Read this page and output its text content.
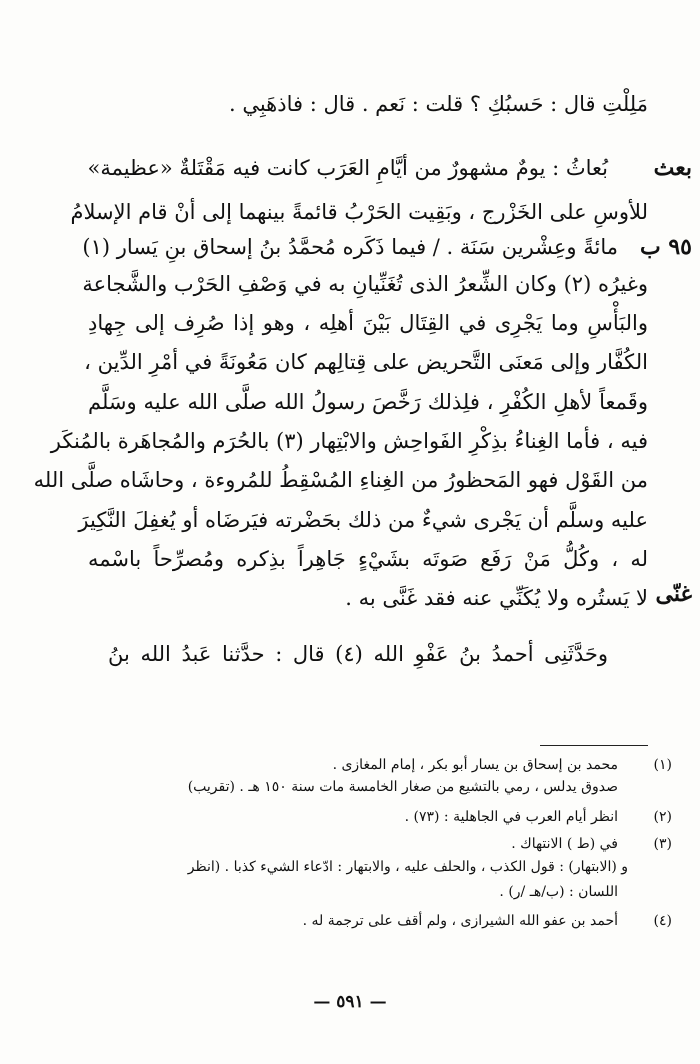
مَلِلْتِ قال : حَسبُكِ ؟ قلت : نَعم . قال : فاذهَبِي .
بُعاثُ : يومٌ مشهورٌ من أيَّامِ العَرَب كانت فيه مَقْتَلةٌ «عظيمة»
للأوسِ على الخَزْرج ، وبَقِيت الحَرْبُ قائمةً بينهما إلى أنْ قام الإسلامُ
مائةً وعِشْرين سَنَة . / فيما ذَكَره مُحمَّدُ بنُ إسحاق بنِ يَسار (١)
وغيرُه (٢) وكان الشِّعرُ الذى تُغَنِّيانِ به في وَصْفِ الحَرْب والشَّجاعة
والبَأْسِ وما يَجْرِى في القِتَال بَيْنَ أهلِه ، وهو إذا صُرِف إلى جِهادِ
الكُفَّار وإلى مَعنَى التَّحريض على قِتالِهم كان مَعُونَةً في أمْرِ الدِّين ،
وقَمعاً لأهلِ الكُفْرِ ، فلِذلك رَخَّصَ رسولُ الله صلَّى الله عليه وسَلَّم
فيه ، فأما الغِناءُ بذِكْرِ الفَواحِش والابْتِهار (٣) بالحُرَم والمُجاهَرة بالمُنكَر
من القَوْل فهو المَحظورُ من الغِناءِ المُسْقِطُ للمُروءة ، وحاشَاه صلَّى الله
عليه وسلَّم أن يَجْرى شيءٌ من ذلك بحَضْرته فيَرضَاه أو يُغفِلَ النَّكِيرَ
له ، وكُلُّ مَنْ رَفَع صَوتَه بشَيْءٍ جَاهِراً بذِكره ومُصرِّحاً باسْمه
لا يَستُره ولا يُكَنِّي عنه فقد غَنَّى به .
وحَدَّثَنِى أحمدُ بنُ عَفْوِ الله (٤) قال : حدَّثنا عَبدُ الله بنُ
بعث
٩٥ ب
غنّى
(١)
محمد بن إسحاق بن يسار أبو بكر ، إمام المغازى .
صدوق يدلس ، رمي بالتشيع من صغار الخامسة مات سنة ١٥٠ هـ . (تقريب)
(٢)
انظر أيام العرب في الجاهلية : (٧٣) .
(٣)
في (ط ) الانتهاك .
و (الابتهار) : قول الكذب ، والحلف عليه ، والابتهار : ادّعاء الشيء كذبا . (انظر
اللسان : (ب/هـ /ر) .
(٤)
أحمد بن عفو الله الشيرازى ، ولم أقف على ترجمة له .
— ٥٩١ —
